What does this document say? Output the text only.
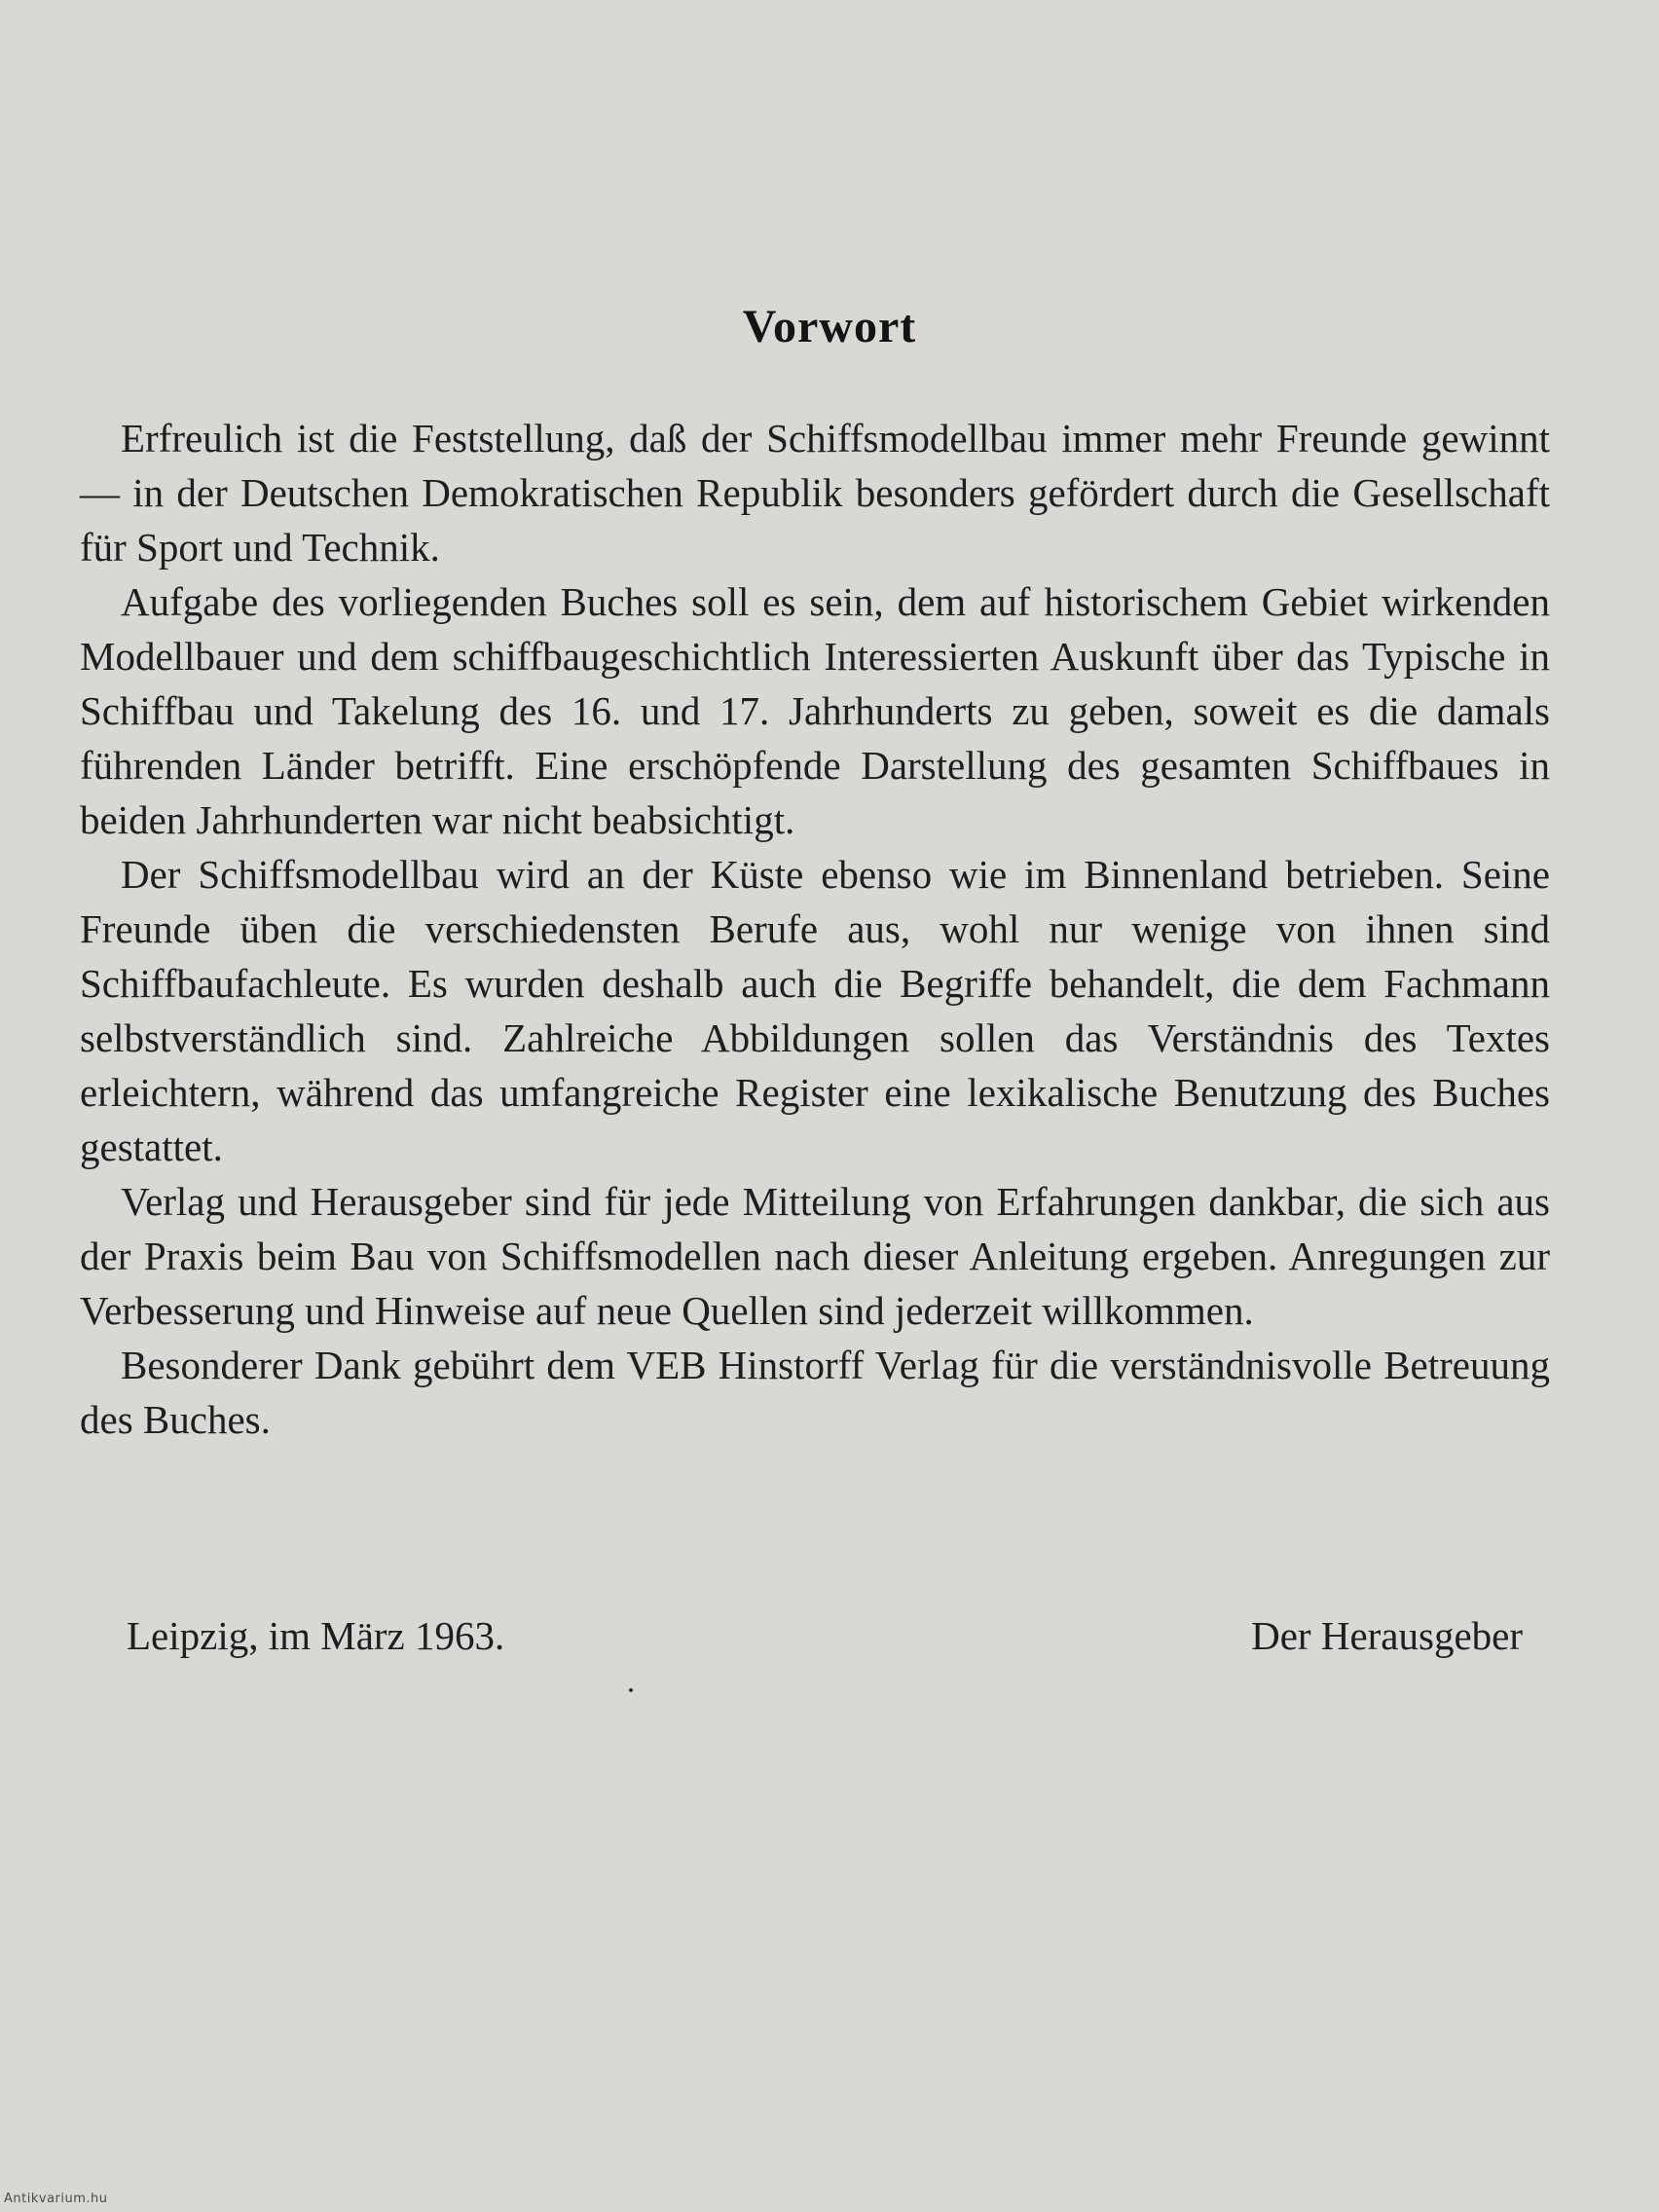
Vorwort

Erfreulich ist die Feststellung, daß der Schiffsmodellbau immer mehr Freunde gewinnt — in der Deutschen Demokratischen Republik besonders gefördert durch die Gesellschaft für Sport und Technik.

Aufgabe des vorliegenden Buches soll es sein, dem auf historischem Gebiet wirkenden Modellbauer und dem schiffbaugeschichtlich Interessierten Auskunft über das Typische in Schiffbau und Takelung des 16. und 17. Jahrhunderts zu geben, soweit es die damals führenden Länder betrifft. Eine erschöpfende Darstellung des gesamten Schiffbaues in beiden Jahrhunderten war nicht beabsichtigt.

Der Schiffsmodellbau wird an der Küste ebenso wie im Binnenland betrieben. Seine Freunde üben die verschiedensten Berufe aus, wohl nur wenige von ihnen sind Schiffbaufachleute. Es wurden deshalb auch die Begriffe behandelt, die dem Fachmann selbstverständlich sind. Zahlreiche Abbildungen sollen das Verständnis des Textes erleichtern, während das umfangreiche Register eine lexikalische Benutzung des Buches gestattet.

Verlag und Herausgeber sind für jede Mitteilung von Erfahrungen dankbar, die sich aus der Praxis beim Bau von Schiffsmodellen nach dieser Anleitung ergeben. Anregungen zur Verbesserung und Hinweise auf neue Quellen sind jederzeit willkommen.

Besonderer Dank gebührt dem VEB Hinstorff Verlag für die verständnisvolle Betreuung des Buches.

Leipzig, im März 1963.	Der Herausgeber
Antikvarium.hu
